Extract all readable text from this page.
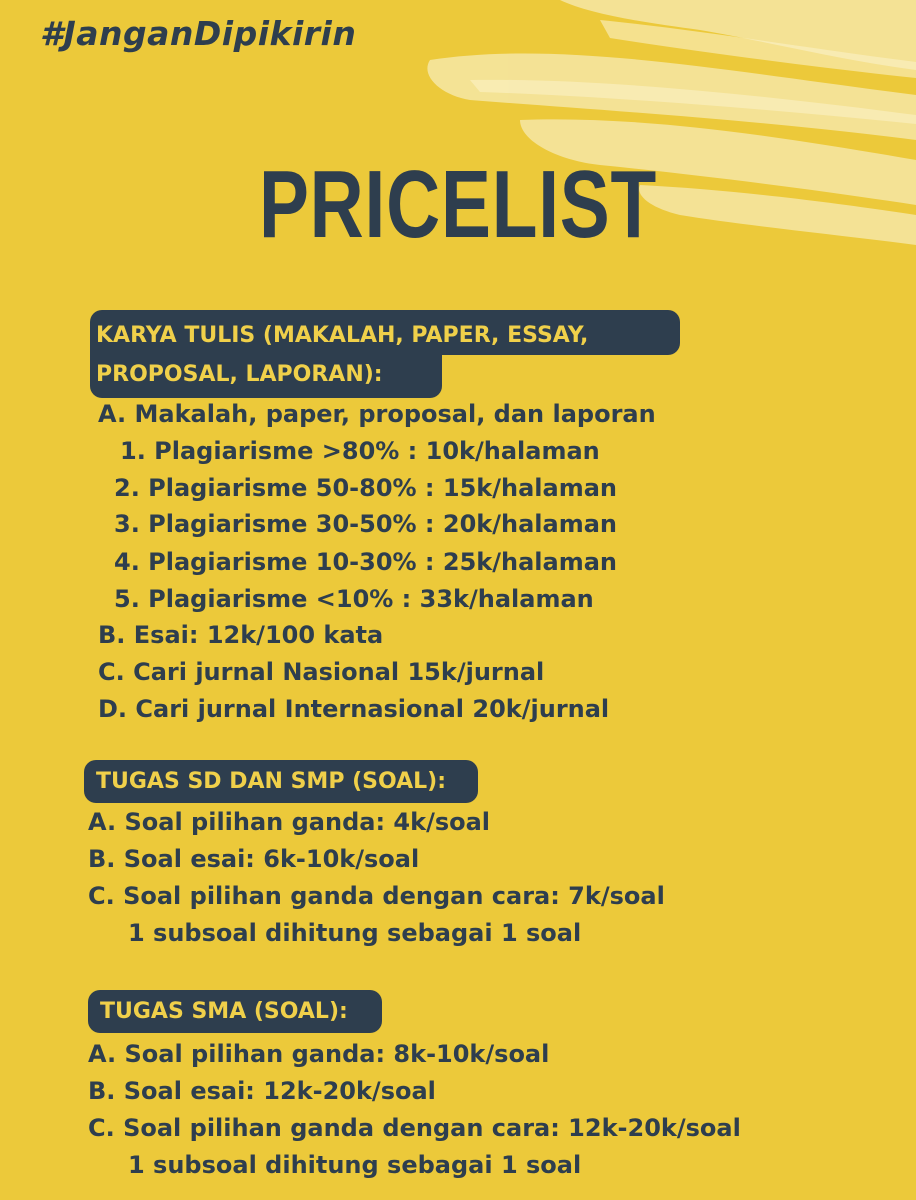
#JanganDipikirin
PRICELIST
KARYA TULIS (MAKALAH, PAPER, ESSAY,
PROPOSAL, LAPORAN):

A. Makalah, paper, proposal, dan laporan

1. Plagiarisme >80% : 10k/halaman

2. Plagiarisme 50-80% : 15k/halaman

3. Plagiarisme 30-50% : 20k/halaman

4. Plagiarisme 10-30% : 25k/halaman

5. Plagiarisme <10% : 33k/halaman

B. Esai: 12k/100 kata

C. Cari jurnal Nasional 15k/jurnal

D. Cari jurnal Internasional 20k/jurnal

TUGAS SD DAN SMP (SOAL):

A. Soal pilihan ganda: 4k/soal

B. Soal esai: 6k-10k/soal

C. Soal pilihan ganda dengan cara: 7k/soal

1 subsoal dihitung sebagai 1 soal

TUGAS SMA (SOAL):

A. Soal pilihan ganda: 8k-10k/soal

B. Soal esai: 12k-20k/soal

C. Soal pilihan ganda dengan cara: 12k-20k/soal

1 subsoal dihitung sebagai 1 soal
